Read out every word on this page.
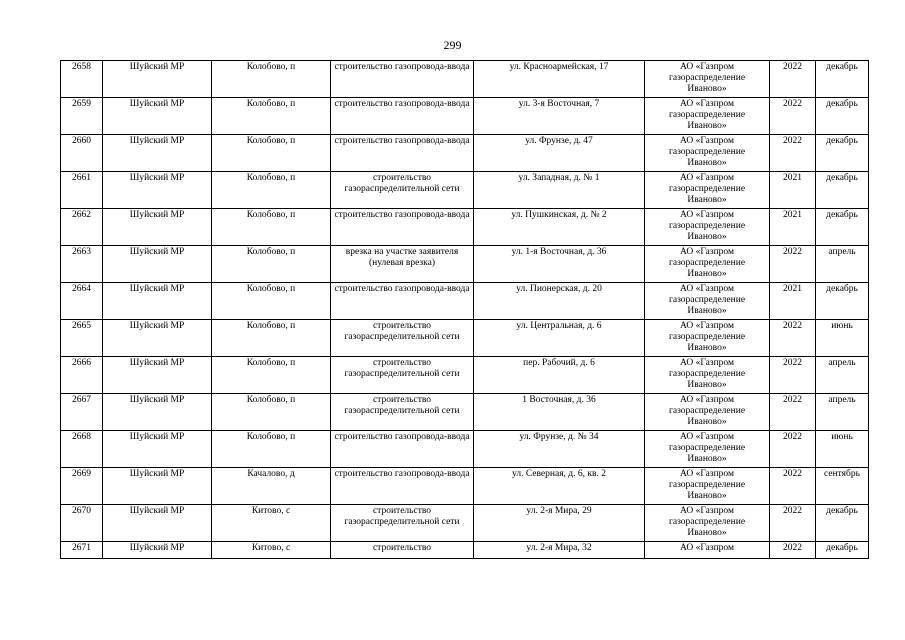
299
2658	Шуйский МР	Колобово, п	строительство газопровода-ввода	ул. Красноармейская, 17	АО «Газпром
газораспределение
Иваново»	2022	декабрь
2659	Шуйский МР	Колобово, п	строительство газопровода-ввода	ул. 3-я Восточная, 7	АО «Газпром
газораспределение
Иваново»	2022	декабрь
2660	Шуйский МР	Колобово, п	строительство газопровода-ввода	ул. Фрунзе, д. 47	АО «Газпром
газораспределение
Иваново»	2022	декабрь
2661	Шуйский МР	Колобово, п	строительство газораспределительной сети	ул. Западная, д. № 1	АО «Газпром
газораспределение
Иваново»	2021	декабрь
2662	Шуйский МР	Колобово, п	строительство газопровода-ввода	ул. Пушкинская, д. № 2	АО «Газпром
газораспределение
Иваново»	2021	декабрь
2663	Шуйский МР	Колобово, п	врезка на участке заявителя (нулевая врезка)	ул. 1-я Восточная, д. 36	АО «Газпром
газораспределение
Иваново»	2022	апрель
2664	Шуйский МР	Колобово, п	строительство газопровода-ввода	ул. Пионерская, д. 20	АО «Газпром
газораспределение
Иваново»	2021	декабрь
2665	Шуйский МР	Колобово, п	строительство газораспределительной сети	ул. Центральная, д. 6	АО «Газпром
газораспределение
Иваново»	2022	июнь
2666	Шуйский МР	Колобово, п	строительство газораспределительной сети	пер. Рабочий, д. 6	АО «Газпром
газораспределение
Иваново»	2022	апрель
2667	Шуйский МР	Колобово, п	строительство газораспределительной сети	1 Восточная, д. 36	АО «Газпром
газораспределение
Иваново»	2022	апрель
2668	Шуйский МР	Колобово, п	строительство газопровода-ввода	ул. Фрунзе, д. № 34	АО «Газпром
газораспределение
Иваново»	2022	июнь
2669	Шуйский МР	Качалово, д	строительство газопровода-ввода	ул. Северная, д. 6, кв. 2	АО «Газпром
газораспределение
Иваново»	2022	сентябрь
2670	Шуйский МР	Китово, с	строительство газораспределительной сети	ул. 2-я Мира, 29	АО «Газпром
газораспределение
Иваново»	2022	декабрь
2671	Шуйский МР	Китово, с	строительство	ул. 2-я Мира, 32	АО «Газпром	2022	декабрь
